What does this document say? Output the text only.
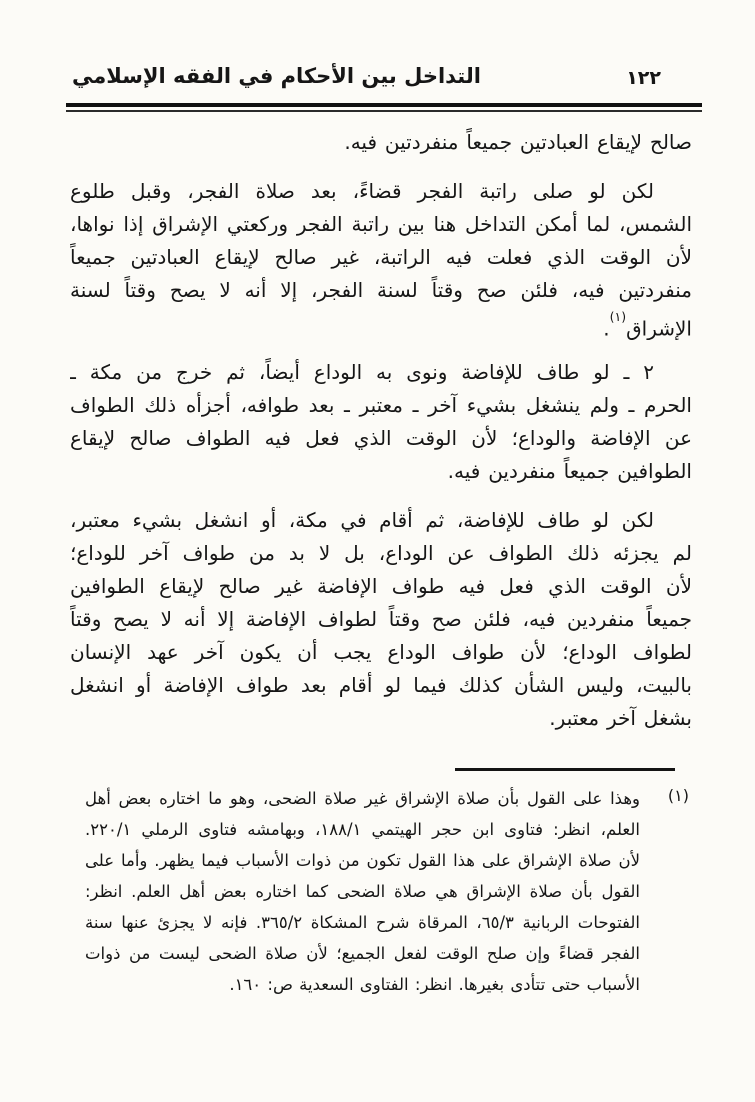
التداخل بين الأحكام في الفقه الإسلامي	١٢٢
صالح لإيقاع العبادتين جميعاً منفردتين فيه.
لكن لو صلى راتبة الفجر قضاءً، بعد صلاة الفجر، وقبل طلوع
الشمس، لما أمكن التداخل هنا بين راتبة الفجر وركعتي الإشراق إذا نواها،
لأن الوقت الذي فعلت فيه الراتبة، غير صالح لإيقاع العبادتين جميعاً
منفردتين فيه، فلئن صح وقتاً لسنة الفجر، إلا أنه لا يصح وقتاً لسنة
الإشراق$^{(١)}$.
٢ ـ لو طاف للإفاضة ونوى به الوداع أيضاً، ثم خرج من مكة ـ
الحرم ـ ولم ينشغل بشيء آخر ـ معتبر ـ بعد طوافه، أجزأه ذلك الطواف
عن الإفاضة والوداع؛ لأن الوقت الذي فعل فيه الطواف صالح لإيقاع
الطوافين جميعاً منفردين فيه.
لكن لو طاف للإفاضة، ثم أقام في مكة، أو انشغل بشيء معتبر،
لم يجزئه ذلك الطواف عن الوداع، بل لا بد من طواف آخر للوداع؛
لأن الوقت الذي فعل فيه طواف الإفاضة غير صالح لإيقاع الطوافين
جميعاً منفردين فيه، فلئن صح وقتاً لطواف الإفاضة إلا أنه لا يصح وقتاً
لطواف الوداع؛ لأن طواف الوداع يجب أن يكون آخر عهد الإنسان
بالبيت، وليس الشأن كذلك فيما لو أقام بعد طواف الإفاضة أو انشغل
بشغل آخر معتبر.
(١)
وهذا على القول بأن صلاة الإشراق غير صلاة الضحى، وهو ما اختاره بعض أهل
العلم، انظر: فتاوى ابن حجر الهيتمي ١٨٨/١، وبهامشه فتاوى الرملي ٢٢٠/١.
لأن صلاة الإشراق على هذا القول تكون من ذوات الأسباب فيما يظهر. وأما على
القول بأن صلاة الإشراق هي صلاة الضحى كما اختاره بعض أهل العلم. انظر:
الفتوحات الربانية ٦٥/٣، المرقاة شرح المشكاة ٣٦٥/٢. فإنه لا يجزئ عنها سنة
الفجر قضاءً وإن صلح الوقت لفعل الجميع؛ لأن صلاة الضحى ليست من ذوات
الأسباب حتى تتأدى بغيرها. انظر: الفتاوى السعدية ص: ١٦٠.
